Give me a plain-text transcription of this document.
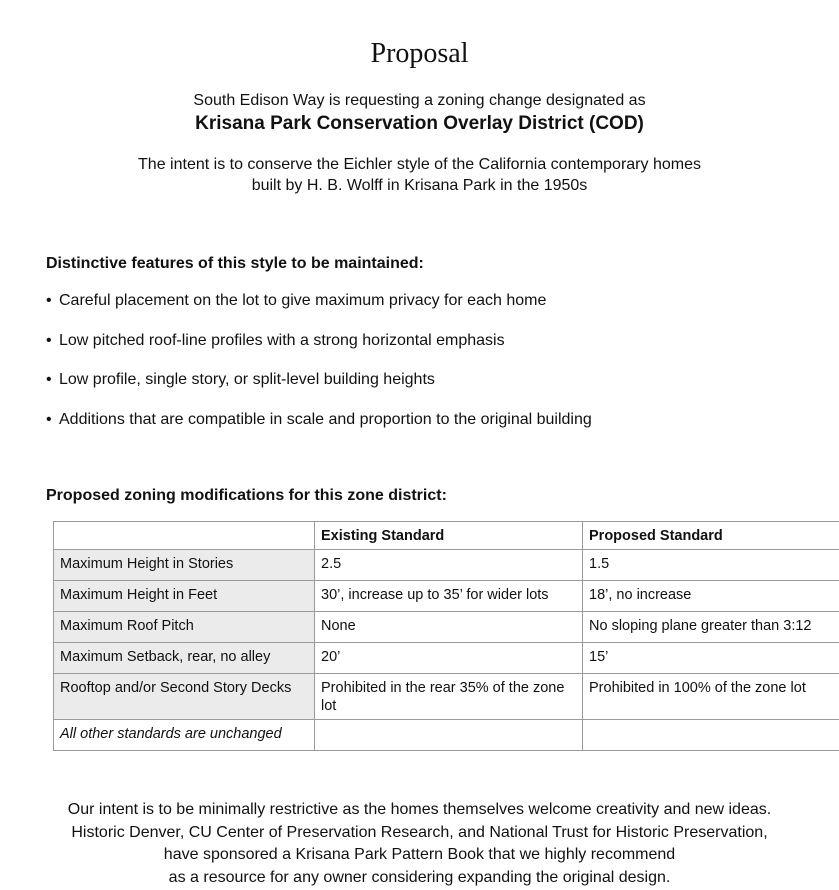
Proposal
South Edison Way is requesting a zoning change designated as
Krisana Park Conservation Overlay District (COD)
The intent is to conserve the Eichler style of the California contemporary homes
built by H. B. Wolff in Krisana Park in the 1950s
Distinctive features of this style to be maintained:
• Careful placement on the lot to give maximum privacy for each home
• Low pitched roof-line profiles with a strong horizontal emphasis
• Low profile, single story, or split-level building heights
• Additions that are compatible in scale and proportion to the original building
Proposed zoning modifications for this zone district:
	Existing Standard	Proposed Standard
Maximum Height in Stories	2.5	1.5
Maximum Height in Feet	30’, increase up to 35’ for wider lots	18’, no increase
Maximum Roof Pitch	None	No sloping plane greater than 3:12
Maximum Setback, rear, no alley	20’	15’
Rooftop and/or Second Story Decks	Prohibited in the rear 35% of the zone lot	Prohibited in 100% of the zone lot
All other standards are unchanged		
Our intent is to be minimally restrictive as the homes themselves welcome creativity and new ideas.
Historic Denver, CU Center of Preservation Research, and National Trust for Historic Preservation,
have sponsored a Krisana Park Pattern Book that we highly recommend
as a resource for any owner considering expanding the original design.
